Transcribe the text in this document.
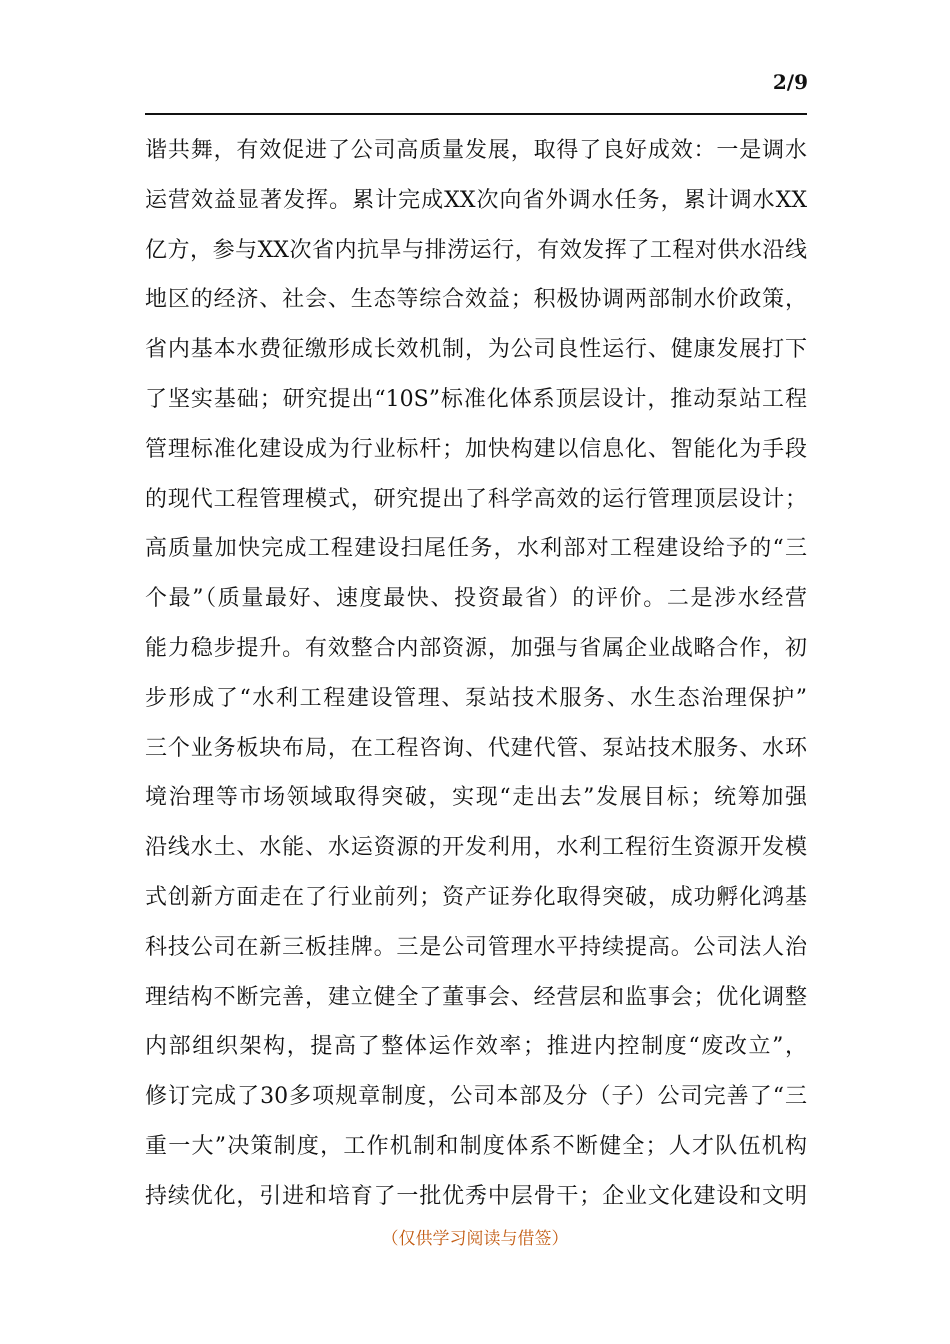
2/9
谐共舞，有效促进了公司高质量发展，取得了良好成效：一是调水
运营效益显著发挥。累计完成XX次向省外调水任务，累计调水XX
亿方，参与XX次省内抗旱与排涝运行，有效发挥了工程对供水沿线
地区的经济、社会、生态等综合效益；积极协调两部制水价政策，
省内基本水费征缴形成长效机制，为公司良性运行、健康发展打下
了坚实基础；研究提出“10S”标准化体系顶层设计，推动泵站工程
管理标准化建设成为行业标杆；加快构建以信息化、智能化为手段
的现代工程管理模式，研究提出了科学高效的运行管理顶层设计；
高质量加快完成工程建设扫尾任务，水利部对工程建设给予的“三
个最”（质量最好、速度最快、投资最省）的评价。二是涉水经营
能力稳步提升。有效整合内部资源，加强与省属企业战略合作，初
步形成了“水利工程建设管理、泵站技术服务、水生态治理保护”
三个业务板块布局，在工程咨询、代建代管、泵站技术服务、水环
境治理等市场领域取得突破，实现“走出去”发展目标；统筹加强
沿线水土、水能、水运资源的开发利用，水利工程衍生资源开发模
式创新方面走在了行业前列；资产证券化取得突破，成功孵化鸿基
科技公司在新三板挂牌。三是公司管理水平持续提高。公司法人治
理结构不断完善，建立健全了董事会、经营层和监事会；优化调整
内部组织架构，提高了整体运作效率；推进内控制度“废改立”，
修订完成了30多项规章制度，公司本部及分（子）公司完善了“三
重一大”决策制度，工作机制和制度体系不断健全；人才队伍机构
持续优化，引进和培育了一批优秀中层骨干；企业文化建设和文明
（仅供学习阅读与借签）
